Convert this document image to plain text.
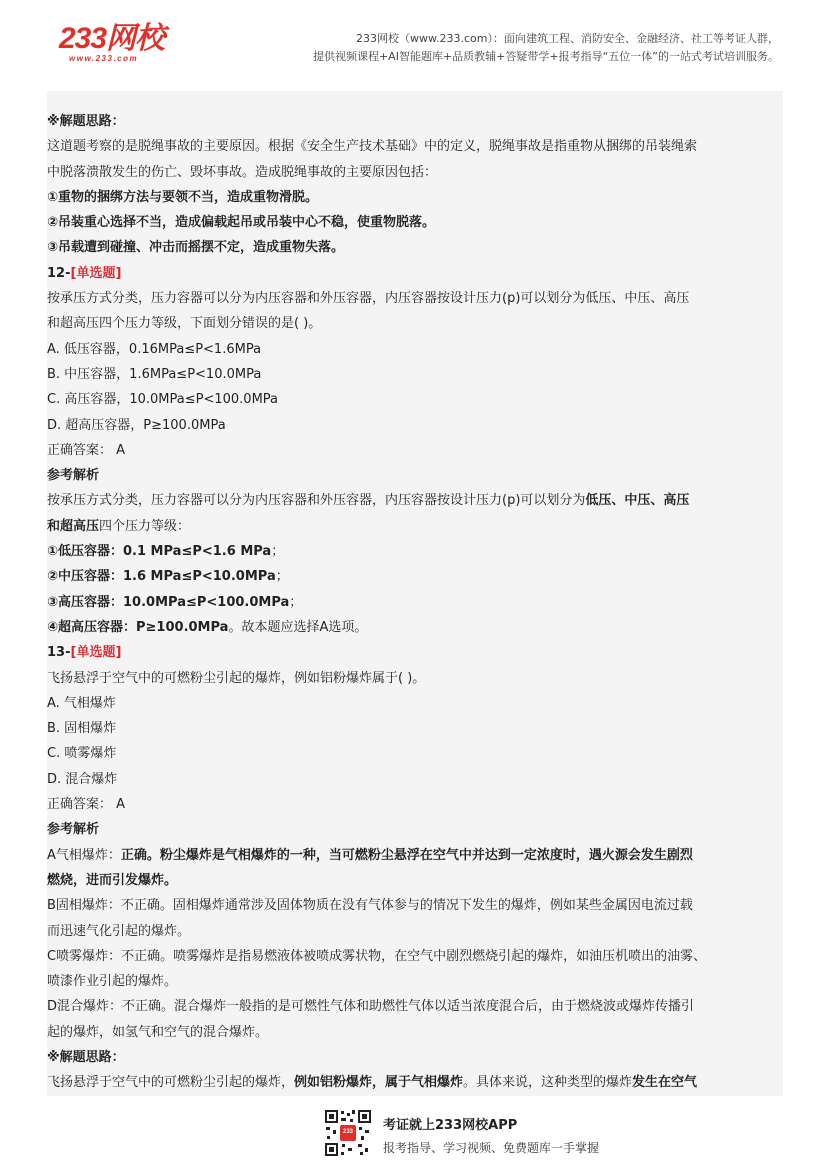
233网校
www.233.com
233网校（www.233.com）：面向建筑工程、消防安全、金融经济、社工等考证人群，
提供视频课程+AI智能题库+品质教辅+答疑带学+报考指导“五位一体”的一站式考试培训服务。
※解题思路：
这道题考察的是脱绳事故的主要原因。根据《安全生产技术基础》中的定义，脱绳事故是指重物从捆绑的吊装绳索
中脱落溃散发生的伤亡、毁坏事故。造成脱绳事故的主要原因包括：
①重物的捆绑方法与要领不当，造成重物滑脱。
②吊装重心选择不当，造成偏载起吊或吊装中心不稳，使重物脱落。
③吊载遭到碰撞、冲击而摇摆不定，造成重物失落。
12-[单选题]
按承压方式分类，压力容器可以分为内压容器和外压容器，内压容器按设计压力(p)可以划分为低压、中压、高压
和超高压四个压力等级，下面划分错误的是( )。
A. 低压容器，0.16MPa≤P<1.6MPa
B. 中压容器，1.6MPa≤P<10.0MPa
C. 高压容器，10.0MPa≤P<100.0MPa
D. 超高压容器，P≥100.0MPa
正确答案： A
参考解析
按承压方式分类，压力容器可以分为内压容器和外压容器，内压容器按设计压力(p)可以划分为低压、中压、高压
和超高压四个压力等级：
①低压容器：0.1 MPa≤P<1.6 MPa；
②中压容器：1.6 MPa≤P<10.0MPa；
③高压容器：10.0MPa≤P<100.0MPa；
④超高压容器：P≥100.0MPa。故本题应选择A选项。
13-[单选题]
飞扬悬浮于空气中的可燃粉尘引起的爆炸，例如铝粉爆炸属于( )。
A. 气相爆炸
B. 固相爆炸
C. 喷雾爆炸
D. 混合爆炸
正确答案： A
参考解析
A气相爆炸：正确。粉尘爆炸是气相爆炸的一种，当可燃粉尘悬浮在空气中并达到一定浓度时，遇火源会发生剧烈
燃烧，进而引发爆炸。
B固相爆炸：不正确。固相爆炸通常涉及固体物质在没有气体参与的情况下发生的爆炸，例如某些金属因电流过载
而迅速气化引起的爆炸。
C喷雾爆炸：不正确。喷雾爆炸是指易燃液体被喷成雾状物，在空气中剧烈燃烧引起的爆炸，如油压机喷出的油雾、
喷漆作业引起的爆炸。
D混合爆炸：不正确。混合爆炸一般指的是可燃性气体和助燃性气体以适当浓度混合后，由于燃烧波或爆炸传播引
起的爆炸，如氢气和空气的混合爆炸。
※解题思路：
飞扬悬浮于空气中的可燃粉尘引起的爆炸，例如铝粉爆炸，属于气相爆炸。具体来说，这种类型的爆炸发生在空气
233 考证就上233网校APP
报考指导、学习视频、免费题库一手掌握
